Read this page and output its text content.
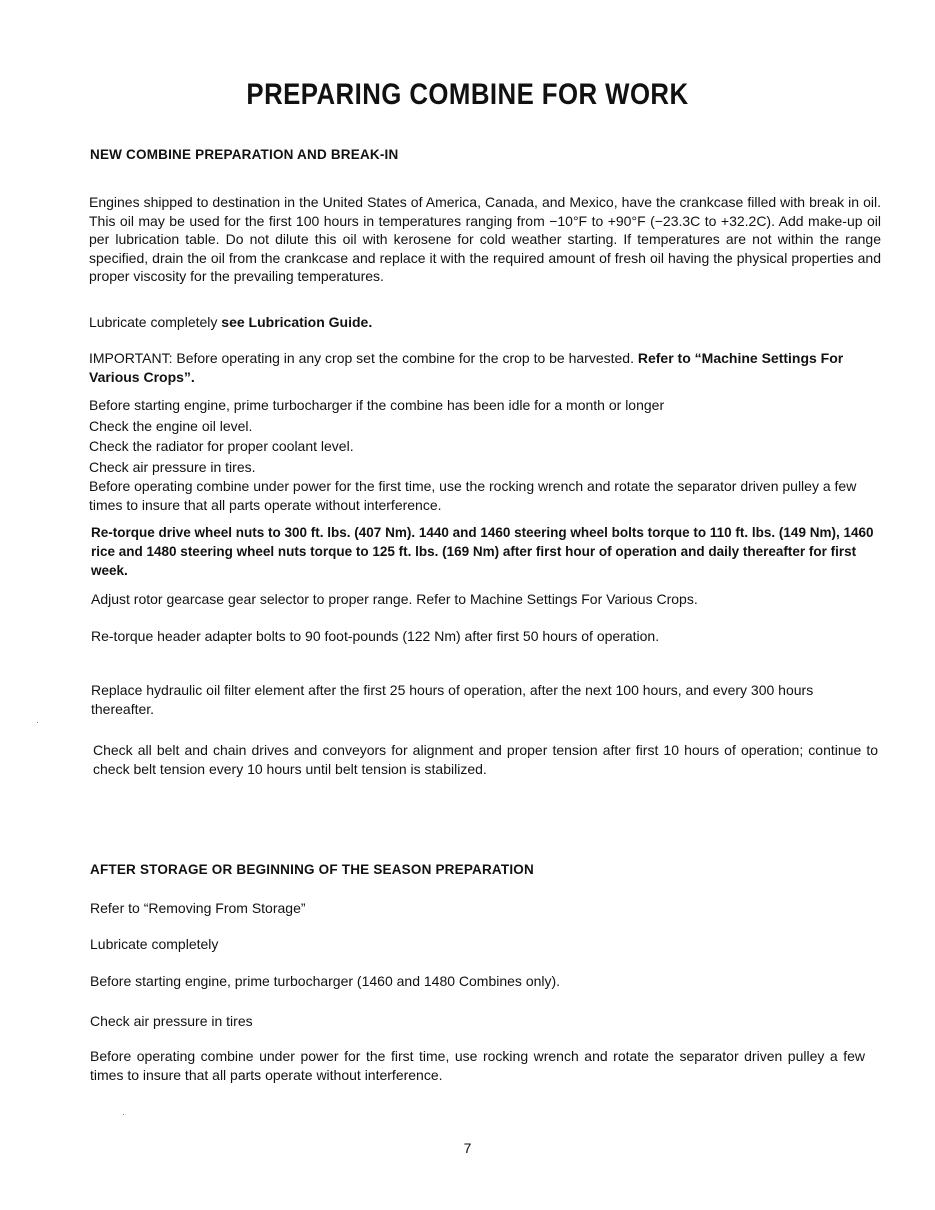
PREPARING COMBINE FOR WORK
NEW COMBINE PREPARATION AND BREAK-IN
Engines shipped to destination in the United States of America, Canada, and Mexico, have the crankcase filled with break in oil. This oil may be used for the first 100 hours in temperatures ranging from −10°F to +90°F (−23.3C to +32.2C). Add make-up oil per lubrication table. Do not dilute this oil with kerosene for cold weather starting. If temperatures are not within the range specified, drain the oil from the crankcase and replace it with the required amount of fresh oil having the physical properties and proper viscosity for the prevailing temperatures.
Lubricate completely see Lubrication Guide.
IMPORTANT: Before operating in any crop set the combine for the crop to be harvested. Refer to “Machine Settings For Various Crops”.
Before starting engine, prime turbocharger if the combine has been idle for a month or longer
Check the engine oil level.
Check the radiator for proper coolant level.
Check air pressure in tires.
Before operating combine under power for the first time, use the rocking wrench and rotate the separator driven pulley a few times to insure that all parts operate without interference.
Re-torque drive wheel nuts to 300 ft. lbs. (407 Nm). 1440 and 1460 steering wheel bolts torque to 110 ft. lbs. (149 Nm), 1460 rice and 1480 steering wheel nuts torque to 125 ft. lbs. (169 Nm) after first hour of operation and daily thereafter for first week.
Adjust rotor gearcase gear selector to proper range. Refer to Machine Settings For Various Crops.
Re-torque header adapter bolts to 90 foot-pounds (122 Nm) after first 50 hours of operation.
Replace hydraulic oil filter element after the first 25 hours of operation, after the next 100 hours, and every 300 hours thereafter.
Check all belt and chain drives and conveyors for alignment and proper tension after first 10 hours of operation; continue to check belt tension every 10 hours until belt tension is stabilized.
AFTER STORAGE OR BEGINNING OF THE SEASON PREPARATION
Refer to “Removing From Storage”
Lubricate completely
Before starting engine, prime turbocharger (1460 and 1480 Combines only).
Check air pressure in tires
Before operating combine under power for the first time, use rocking wrench and rotate the separator driven pulley a few times to insure that all parts operate without interference.
7
